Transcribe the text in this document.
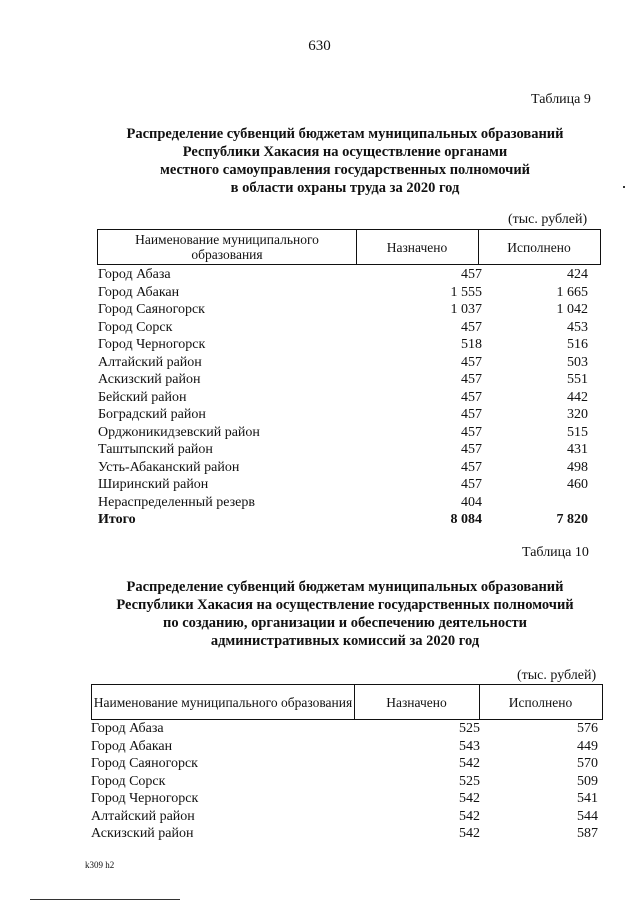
630
Таблица 9
Распределение субвенций бюджетам муниципальных образований
Республики Хакасия на осуществление органами
местного самоуправления государственных полномочий
в области охраны труда за 2020 год
(тыс. рублей)
Наименование муниципального образования	Назначено	Исполнено
Город Абаза	457	424
Город Абакан	1 555	1 665
Город Саяногорск	1 037	1 042
Город Сорск	457	453
Город Черногорск	518	516
Алтайский район	457	503
Аскизский район	457	551
Бейский район	457	442
Боградский район	457	320
Орджоникидзевский район	457	515
Таштыпский район	457	431
Усть-Абаканский район	457	498
Ширинский район	457	460
Нераспределенный резерв	404
Итого	8 084	7 820
Таблица 10
Распределение субвенций бюджетам муниципальных образований
Республики Хакасия на осуществление государственных полномочий
по созданию, организации и обеспечению деятельности
административных комиссий за 2020 год
(тыс. рублей)
Наименование муниципального образования	Назначено	Исполнено
Город Абаза	525	576
Город Абакан	543	449
Город Саяногорск	542	570
Город Сорск	525	509
Город Черногорск	542	541
Алтайский район	542	544
Аскизский район	542	587
k309 h2
